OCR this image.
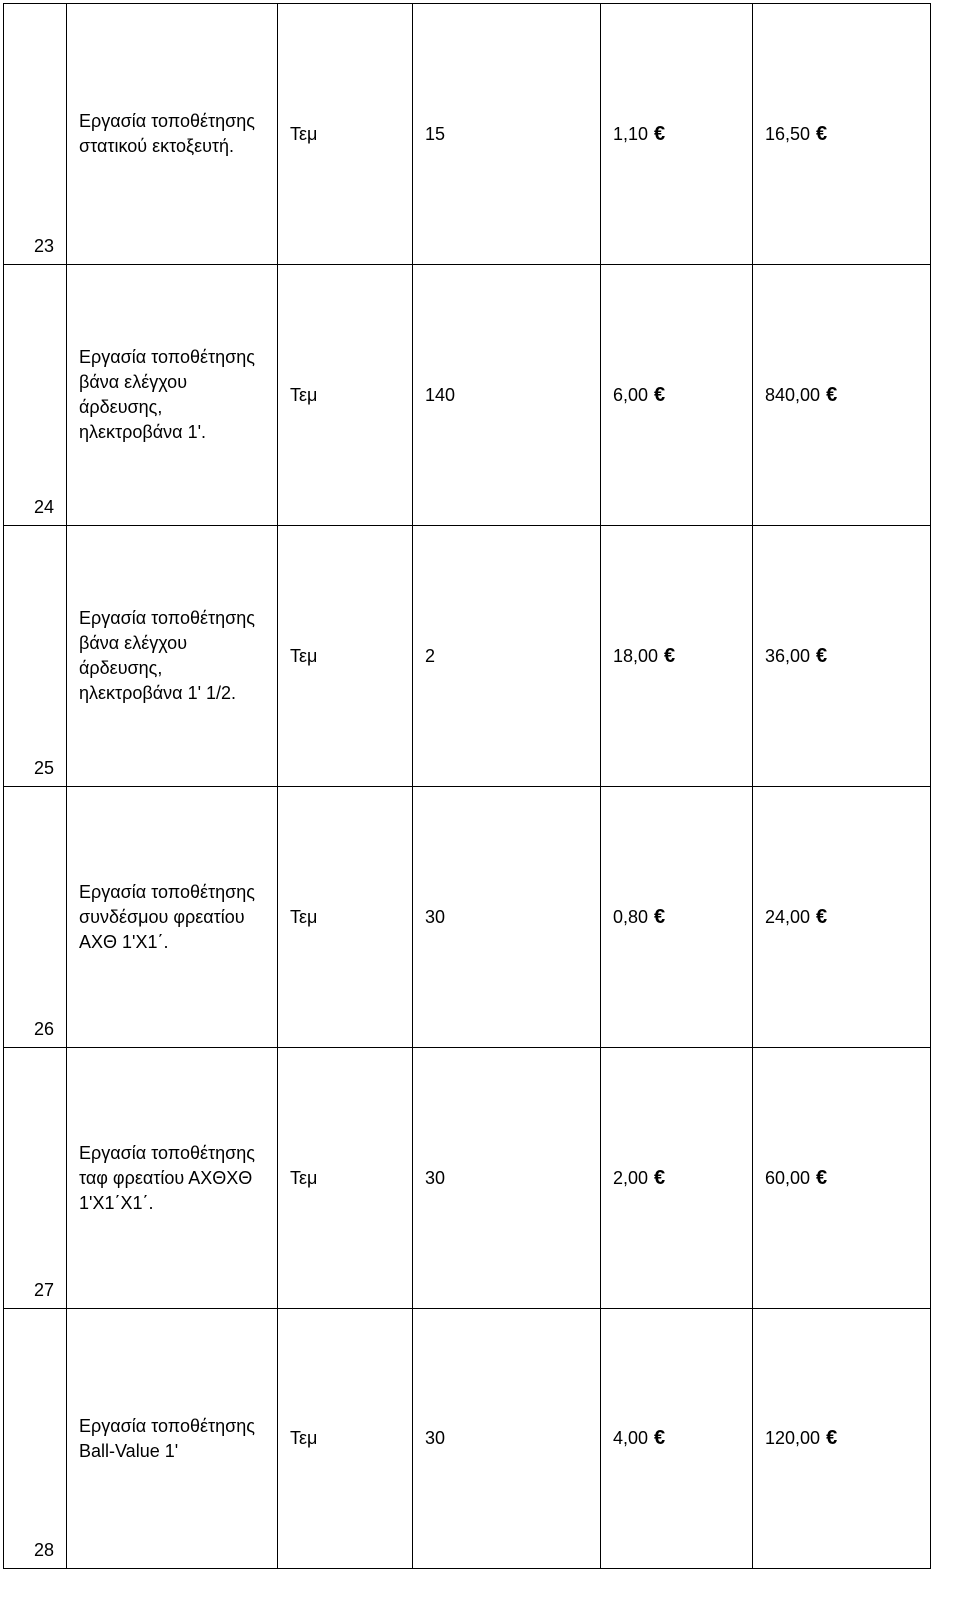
23	Εργασία τοποθέτησης
στατικού εκτοξευτή.	Τεμ	15	1,10 €	16,50 €
24	Εργασία τοποθέτησης
βάνα ελέγχου
άρδευσης,
ηλεκτροβάνα 1'.	Τεμ	140	6,00 €	840,00 €
25	Εργασία τοποθέτησης
βάνα ελέγχου
άρδευσης,
ηλεκτροβάνα 1' 1/2.	Τεμ	2	18,00 €	36,00 €
26	Εργασία τοποθέτησης
συνδέσμου φρεατίου
ΑΧΘ 1'Χ1΄.	Τεμ	30	0,80 €	24,00 €
27	Εργασία τοποθέτησης
ταφ φρεατίου ΑΧΘΧΘ
1'Χ1΄Χ1΄.	Τεμ	30	2,00 €	60,00 €
28	Εργασία τοποθέτησης
Ball-Value 1'	Τεμ	30	4,00 €	120,00 €
